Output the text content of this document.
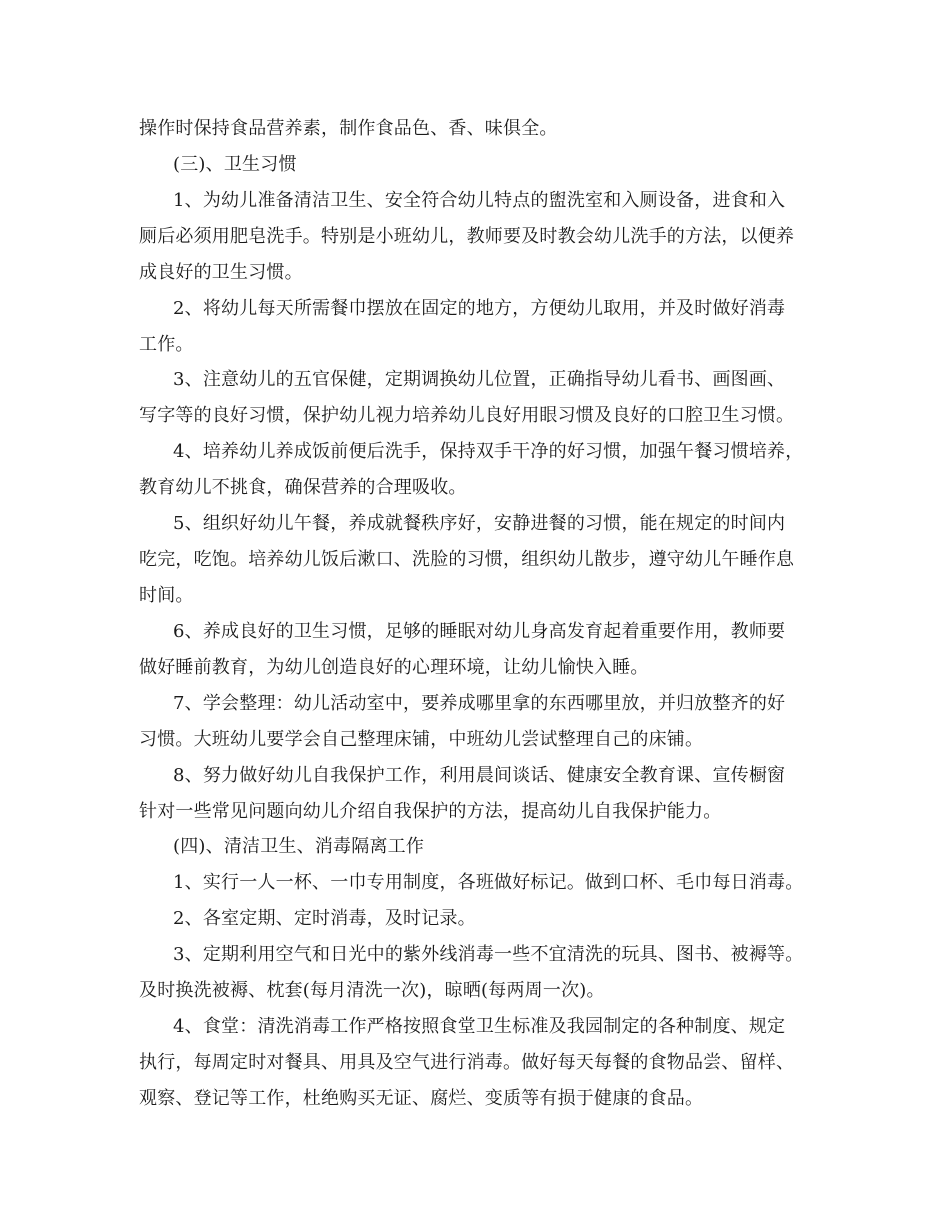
操作时保持食品营养素，制作食品色、香、味俱全。
(三)、卫生习惯
1、为幼儿准备清洁卫生、安全符合幼儿特点的盥洗室和入厕设备，进食和入
厕后必须用肥皂洗手。特别是小班幼儿，教师要及时教会幼儿洗手的方法，以便养
成良好的卫生习惯。
2、将幼儿每天所需餐巾摆放在固定的地方，方便幼儿取用，并及时做好消毒
工作。
3、注意幼儿的五官保健，定期调换幼儿位置，正确指导幼儿看书、画图画、
写字等的良好习惯，保护幼儿视力培养幼儿良好用眼习惯及良好的口腔卫生习惯。
4、培养幼儿养成饭前便后洗手，保持双手干净的好习惯，加强午餐习惯培养，
教育幼儿不挑食，确保营养的合理吸收。
5、组织好幼儿午餐，养成就餐秩序好，安静进餐的习惯，能在规定的时间内
吃完，吃饱。培养幼儿饭后漱口、洗脸的习惯，组织幼儿散步，遵守幼儿午睡作息
时间。
6、养成良好的卫生习惯，足够的睡眠对幼儿身高发育起着重要作用，教师要
做好睡前教育，为幼儿创造良好的心理环境，让幼儿愉快入睡。
7、学会整理：幼儿活动室中，要养成哪里拿的东西哪里放，并归放整齐的好
习惯。大班幼儿要学会自己整理床铺，中班幼儿尝试整理自己的床铺。
8、努力做好幼儿自我保护工作，利用晨间谈话、健康安全教育课、宣传橱窗
针对一些常见问题向幼儿介绍自我保护的方法，提高幼儿自我保护能力。
(四)、清洁卫生、消毒隔离工作
1、实行一人一杯、一巾专用制度，各班做好标记。做到口杯、毛巾每日消毒。
2、各室定期、定时消毒，及时记录。
3、定期利用空气和日光中的紫外线消毒一些不宜清洗的玩具、图书、被褥等。
及时换洗被褥、枕套(每月清洗一次)，晾晒(每两周一次)。
4、食堂：清洗消毒工作严格按照食堂卫生标准及我园制定的各种制度、规定
执行，每周定时对餐具、用具及空气进行消毒。做好每天每餐的食物品尝、留样、
观察、登记等工作，杜绝购买无证、腐烂、变质等有损于健康的食品。
